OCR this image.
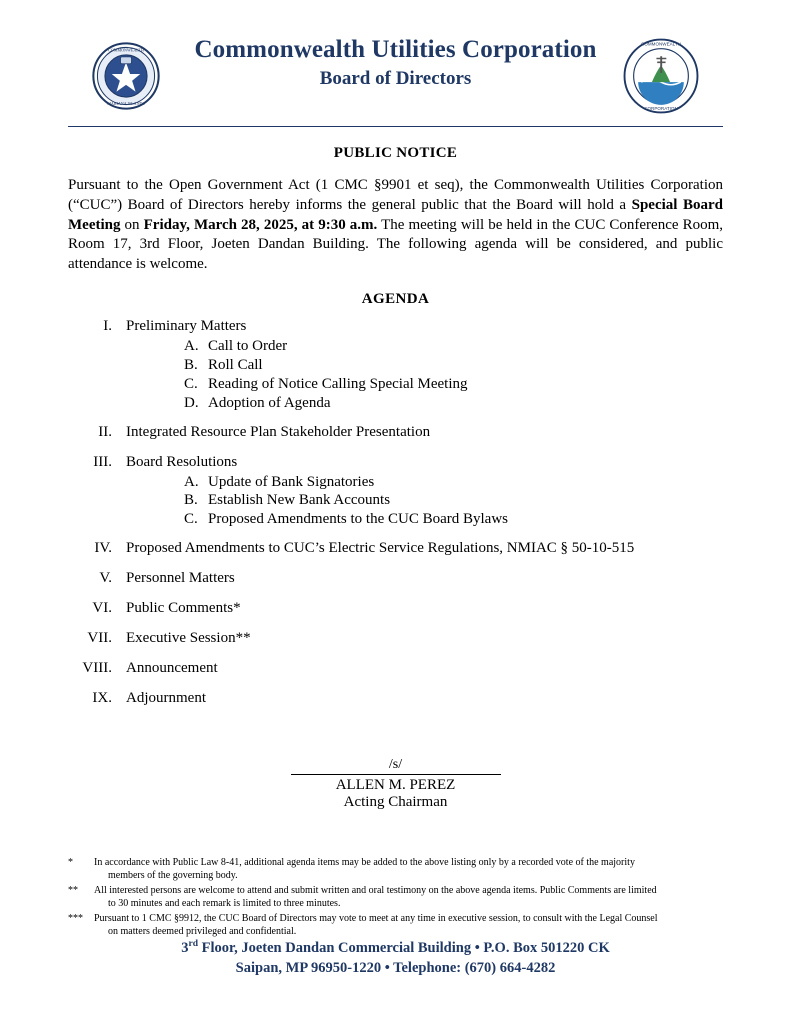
COMMONWEALTH
MARIANA ISLANDS
COMMONWEALTH
CORPORATION
Commonwealth Utilities Corporation
Board of Directors
PUBLIC NOTICE

Pursuant to the Open Government Act (1 CMC §9901 et seq), the Commonwealth Utilities Corporation (“CUC”) Board of Directors hereby informs the general public that the Board will hold a Special Board Meeting on Friday, March 28, 2025, at 9:30 a.m. The meeting will be held in the CUC Conference Room, Room 17, 3rd Floor, Joeten Dandan Building. The following agenda will be considered, and public attendance is welcome.

AGENDA
I. Preliminary Matters
A. Call to Order
B. Roll Call
C. Reading of Notice Calling Special Meeting
D. Adoption of Agenda
II. Integrated Resource Plan Stakeholder Presentation
III. Board Resolutions
A. Update of Bank Signatories
B. Establish New Bank Accounts
C. Proposed Amendments to the CUC Board Bylaws
IV. Proposed Amendments to CUC’s Electric Service Regulations, NMIAC § 50-10-515
V. Personnel Matters
VI. Public Comments*
VII. Executive Session**
VIII. Announcement
IX. Adjournment
/s/
ALLEN M. PEREZ
Acting Chairman
*	In accordance with Public Law 8-41, additional agenda items may be added to the above listing only by a recorded vote of the majority
members of the governing body.
**	All interested persons are welcome to attend and submit written and oral testimony on the above agenda items. Public Comments are limited
to 30 minutes and each remark is limited to three minutes.
***	Pursuant to 1 CMC §9912, the CUC Board of Directors may vote to meet at any time in executive session, to consult with the Legal Counsel
on matters deemed privileged and confidential.
3rd Floor, Joeten Dandan Commercial Building • P.O. Box 501220 CK
Saipan, MP 96950-1220 • Telephone: (670) 664-4282
